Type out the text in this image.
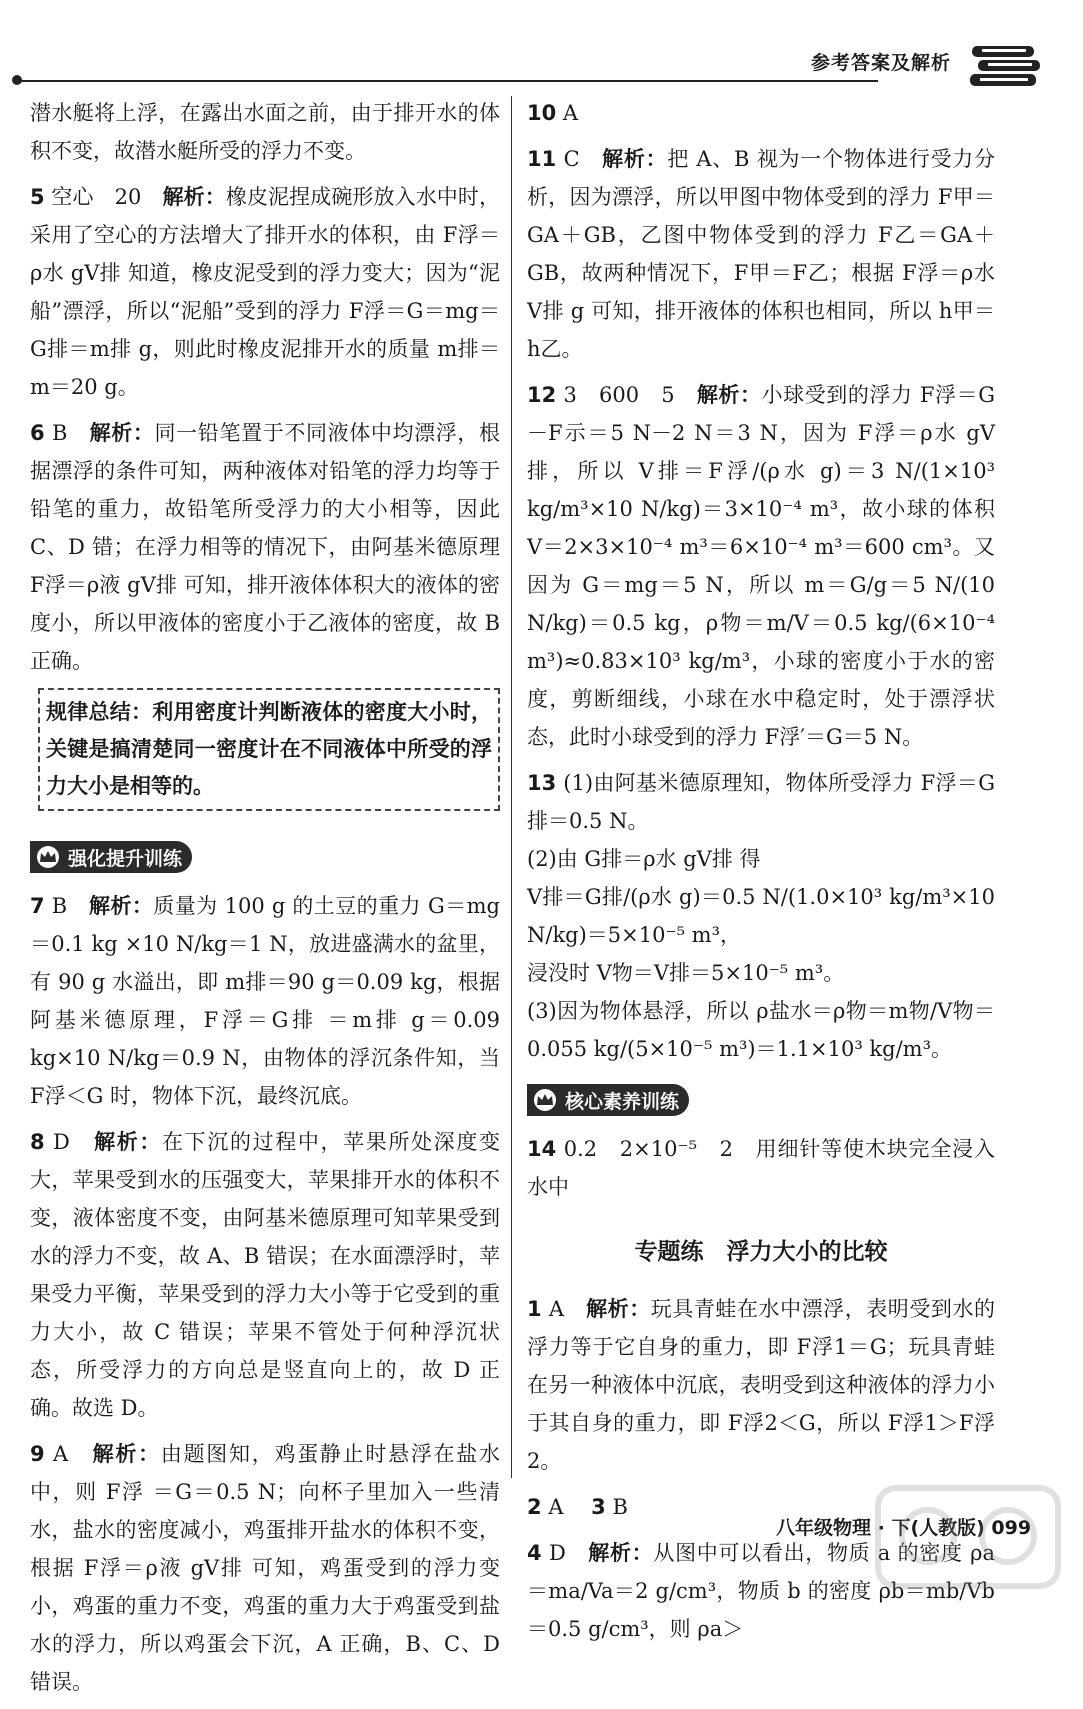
参考答案及解析

潜水艇将上浮，在露出水面之前，由于排开水的体积不变，故潜水艇所受的浮力不变。

5 空心　20　解析：橡皮泥捏成碗形放入水中时，采用了空心的方法增大了排开水的体积，由 F浮＝ρ水 gV排 知道，橡皮泥受到的浮力变大；因为“泥船”漂浮，所以“泥船”受到的浮力 F浮＝G＝mg＝G排＝m排 g，则此时橡皮泥排开水的质量 m排＝m＝20 g。

6 B　解析：同一铅笔置于不同液体中均漂浮，根据漂浮的条件可知，两种液体对铅笔的浮力均等于铅笔的重力，故铅笔所受浮力的大小相等，因此 C、D 错；在浮力相等的情况下，由阿基米德原理 F浮＝ρ液 gV排 可知，排开液体体积大的液体的密度小，所以甲液体的密度小于乙液体的密度，故 B 正确。

规律总结：利用密度计判断液体的密度大小时，关键是搞清楚同一密度计在不同液体中所受的浮力大小是相等的。

强化提升训练

7 B　解析：质量为 100 g 的土豆的重力 G＝mg＝0.1 kg ×10 N/kg＝1 N，放进盛满水的盆里，有 90 g 水溢出，即 m排＝90 g＝0.09 kg，根据阿基米德原理，F浮＝G排 ＝m排 g＝0.09 kg×10 N/kg＝0.9 N，由物体的浮沉条件知，当 F浮＜G 时，物体下沉，最终沉底。

8 D　解析：在下沉的过程中，苹果所处深度变大，苹果受到水的压强变大，苹果排开水的体积不变，液体密度不变，由阿基米德原理可知苹果受到水的浮力不变，故 A、B 错误；在水面漂浮时，苹果受力平衡，苹果受到的浮力大小等于它受到的重力大小，故 C 错误；苹果不管处于何种浮沉状态，所受浮力的方向总是竖直向上的，故 D 正确。故选 D。

9 A　解析：由题图知，鸡蛋静止时悬浮在盐水中，则 F浮 ＝G＝0.5 N；向杯子里加入一些清水，盐水的密度减小，鸡蛋排开盐水的体积不变，根据 F浮＝ρ液 gV排 可知，鸡蛋受到的浮力变小，鸡蛋的重力不变，鸡蛋的重力大于鸡蛋受到盐水的浮力，所以鸡蛋会下沉，A 正确，B、C、D 错误。

10 A

11 C　解析：把 A、B 视为一个物体进行受力分析，因为漂浮，所以甲图中物体受到的浮力 F甲＝GA＋GB，乙图中物体受到的浮力 F乙＝GA＋GB，故两种情况下，F甲＝F乙；根据 F浮＝ρ水 V排 g 可知，排开液体的体积也相同，所以 h甲＝h乙。

12 3　600　5　解析：小球受到的浮力 F浮＝G－F示＝5 N－2 N＝3 N，因为 F浮＝ρ水 gV排，所以 V排＝F浮/(ρ水 g)＝3 N/(1×10³ kg/m³×10 N/kg)＝3×10⁻⁴ m³，故小球的体积 V＝2×3×10⁻⁴ m³＝6×10⁻⁴ m³＝600 cm³。又因为 G＝mg＝5 N，所以 m＝G/g＝5 N/(10 N/kg)＝0.5 kg，ρ物＝m/V＝0.5 kg/(6×10⁻⁴ m³)≈0.83×10³ kg/m³，小球的密度小于水的密度，剪断细线，小球在水中稳定时，处于漂浮状态，此时小球受到的浮力 F浮′＝G＝5 N。

13 (1)由阿基米德原理知，物体所受浮力 F浮＝G排＝0.5 N。

(2)由 G排＝ρ水 gV排 得

V排＝G排/(ρ水 g)＝0.5 N/(1.0×10³ kg/m³×10 N/kg)＝5×10⁻⁵ m³，

浸没时 V物＝V排＝5×10⁻⁵ m³。

(3)因为物体悬浮，所以 ρ盐水＝ρ物＝m物/V物＝0.055 kg/(5×10⁻⁵ m³)＝1.1×10³ kg/m³。

核心素养训练

14 0.2　2×10⁻⁵　2　用细针等使木块完全浸入水中

专题练　浮力大小的比较

1 A　解析：玩具青蛙在水中漂浮，表明受到水的浮力等于它自身的重力，即 F浮1＝G；玩具青蛙在另一种液体中沉底，表明受到这种液体的浮力小于其自身的重力，即 F浮2＜G，所以 F浮1＞F浮2。

2 A　 3 B

4 D　解析：从图中可以看出，物质 a 的密度 ρa＝ma/Va＝2 g/cm³，物质 b 的密度 ρb＝mb/Vb＝0.5 g/cm³，则 ρa＞

八年级物理 · 下(人教版) 099
